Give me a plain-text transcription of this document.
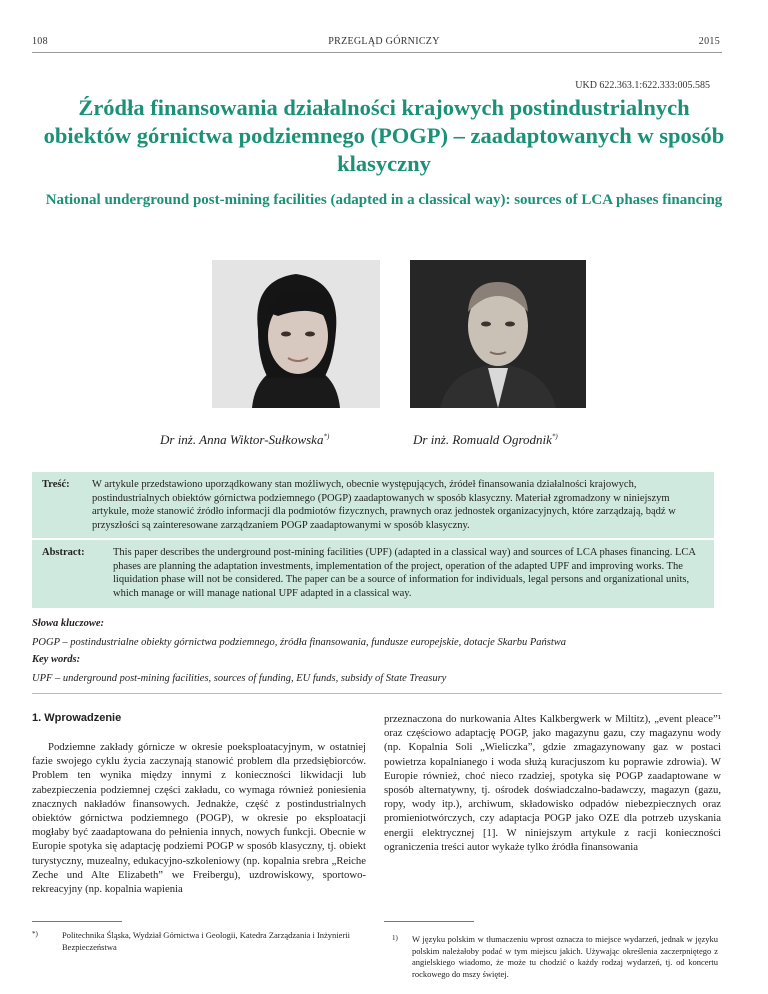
108	PRZEGLĄD GÓRNICZY	2015
UKD 622.363.1:622.333:005.585
Źródła finansowania działalności krajowych postindustrialnych obiektów górnictwa podziemnego (POGP) – zaadaptowanych w sposób klasyczny
National underground post-mining facilities (adapted in a classical way): sources of LCA phases financing
Dr inż. Anna Wiktor-Sułkowska*)	Dr inż. Romuald Ogrodnik*)
Treść: W artykule przedstawiono uporządkowany stan możliwych, obecnie występujących, źródeł finansowania działalności krajowych, postindustrialnych obiektów górnictwa podziemnego (POGP) zaadaptowanych w sposób klasyczny. Materiał zgromadzony w niniejszym artykule, może stanowić źródło informacji dla podmiotów fizycznych, prawnych oraz jednostek organizacyjnych, które zarządzają, bądź w przyszłości są zainteresowane zarządzaniem POGP zaadaptowanymi w sposób klasyczny.
Abstract:	This paper describes the underground post-mining facilities (UPF) (adapted in a classical way) and sources of LCA phases financing. LCA phases are planning the adaptation investments, implementation of the project, operation of the adapted UPF and improving works. The liquidation phase will not be considered. The paper can be a source of information for individuals, legal persons and organizational units, which manage or will manage national UPF adapted in a classical way.
Słowa kluczowe:
POGP – postindustrialne obiekty górnictwa podziemnego, źródła finansowania, fundusze europejskie, dotacje Skarbu Państwa
Key words:
UPF – underground post-mining facilities, sources of funding, EU funds, subsidy of State Treasury
1. Wprowadzenie
Podziemne zakłady górnicze w okresie poeksploatacyjnym, w ostatniej fazie swojego cyklu życia zaczynają stanowić problem dla przedsiębiorców. Problem ten wynika między innymi z konieczności likwidacji lub zabezpieczenia podziemnej części zakładu, co wymaga również poniesienia znacznych nakładów finansowych. Jednakże, część z postindustrialnych obiektów górnictwa podziemnego (POGP), w okresie po eksploatacji mogłaby być zaadaptowana do pełnienia innych, nowych funkcji. Obecnie w Europie spotyka się adaptację podziemi POGP w sposób klasyczny, tj. obiekt turystyczny, muzealny, edukacyjno-szkoleniowy (np. kopalnia srebra „Reiche Zeche und Alte Elizabeth” we Freibergu), uzdrowiskowy, sportowo-rekreacyjny (np. kopalnia wapienia
przeznaczona do nurkowania Altes Kalkbergwerk w Miltitz), „event pleace”¹ oraz częściowo adaptację POGP, jako magazynu gazu, czy magazynu wody (np. Kopalnia Soli „Wieliczka”, gdzie zmagazynowany gaz w postaci powietrza kopalnianego i woda służą kuracjuszom ku poprawie zdrowia). W Europie również, choć nieco rzadziej, spotyka się POGP zaadaptowane w sposób alternatywny, tj. ośrodek doświadczalno-badawczy, magazyn (gazu, ropy, wody itp.), archiwum, składowisko odpadów niebezpiecznych oraz promieniotwórczych, czy adaptacja POGP jako OZE dla potrzeb uzyskania energii elektrycznej [1]. W niniejszym artykule z racji konieczności ograniczenia treści autor wykaże tylko źródła finansowania
*)	Politechnika Śląska, Wydział Górnictwa i Geologii, Katedra Zarządzania i Inżynierii Bezpieczeństwa
1) W języku polskim w tłumaczeniu wprost oznacza to miejsce wydarzeń, jednak w języku polskim należałoby podać w tym miejscu jakich. Używając określenia zaczerpniętego z angielskiego wiadomo, że może tu chodzić o każdy rodzaj wydarzeń, tj. od koncertu rockowego do mszy świętej.
